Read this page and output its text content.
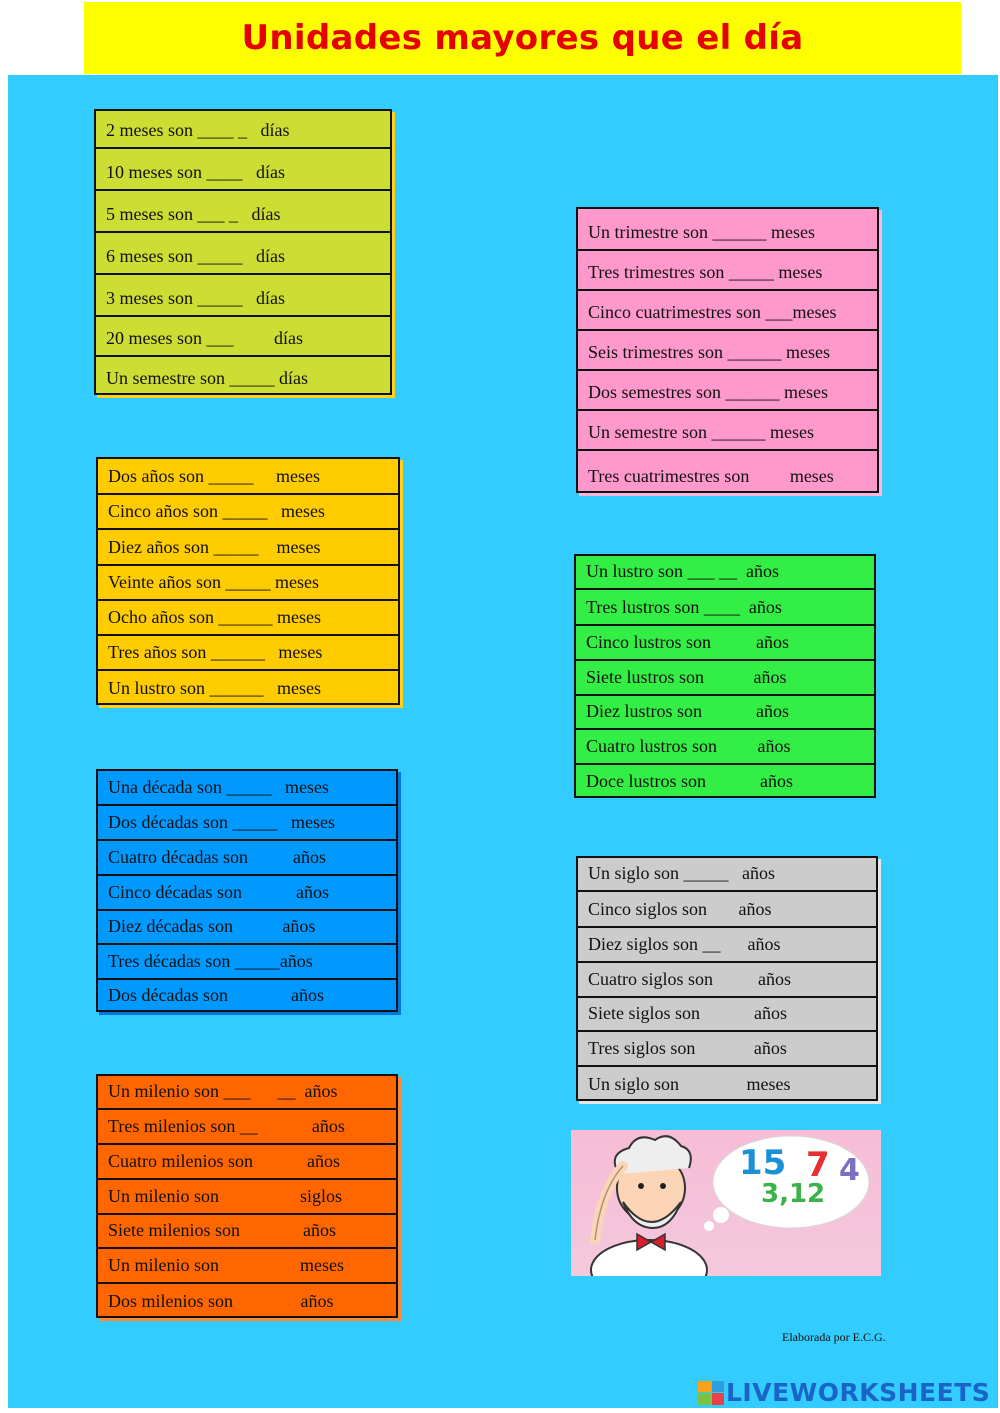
Unidades mayores que el día
2 meses son ____ _   días
10 meses son ____   días
5 meses son ___ _   días
6 meses son _____   días
3 meses son _____   días
20 meses son ___         días
Un semestre son _____ días
Dos años son _____     meses
Cinco años son _____   meses
Diez años son _____    meses
Veinte años son _____ meses
Ocho años son ______ meses
Tres años son ______   meses
Un lustro son ______   meses
Una década son _____   meses
Dos décadas son _____   meses
Cuatro décadas son          años
Cinco décadas son            años
Diez décadas son           años
Tres décadas son _____años
Dos décadas son              años
Un milenio son ___      __  años
Tres milenios son __            años
Cuatro milenios son            años
Un milenio son                  siglos
Siete milenios son              años
Un milenio son                  meses
Dos milenios son               años
Un trimestre son ______ meses
Tres trimestres son _____ meses
Cinco cuatrimestres son ___meses
Seis trimestres son ______ meses
Dos semestres son ______ meses
Un semestre son ______ meses
Tres cuatrimestres son         meses
Un lustro son ___ __  años
Tres lustros son ____  años
Cinco lustros son          años
Siete lustros son           años
Diez lustros son            años
Cuatro lustros son         años
Doce lustros son            años
Un siglo son _____   años
Cinco siglos son       años
Diez siglos son __      años
Cuatro siglos son          años
Siete siglos son            años
Tres siglos son             años
Un siglo son               meses
15 7 4
3,12
Elaborada por E.C.G.
LIVEWORKSHEETS
